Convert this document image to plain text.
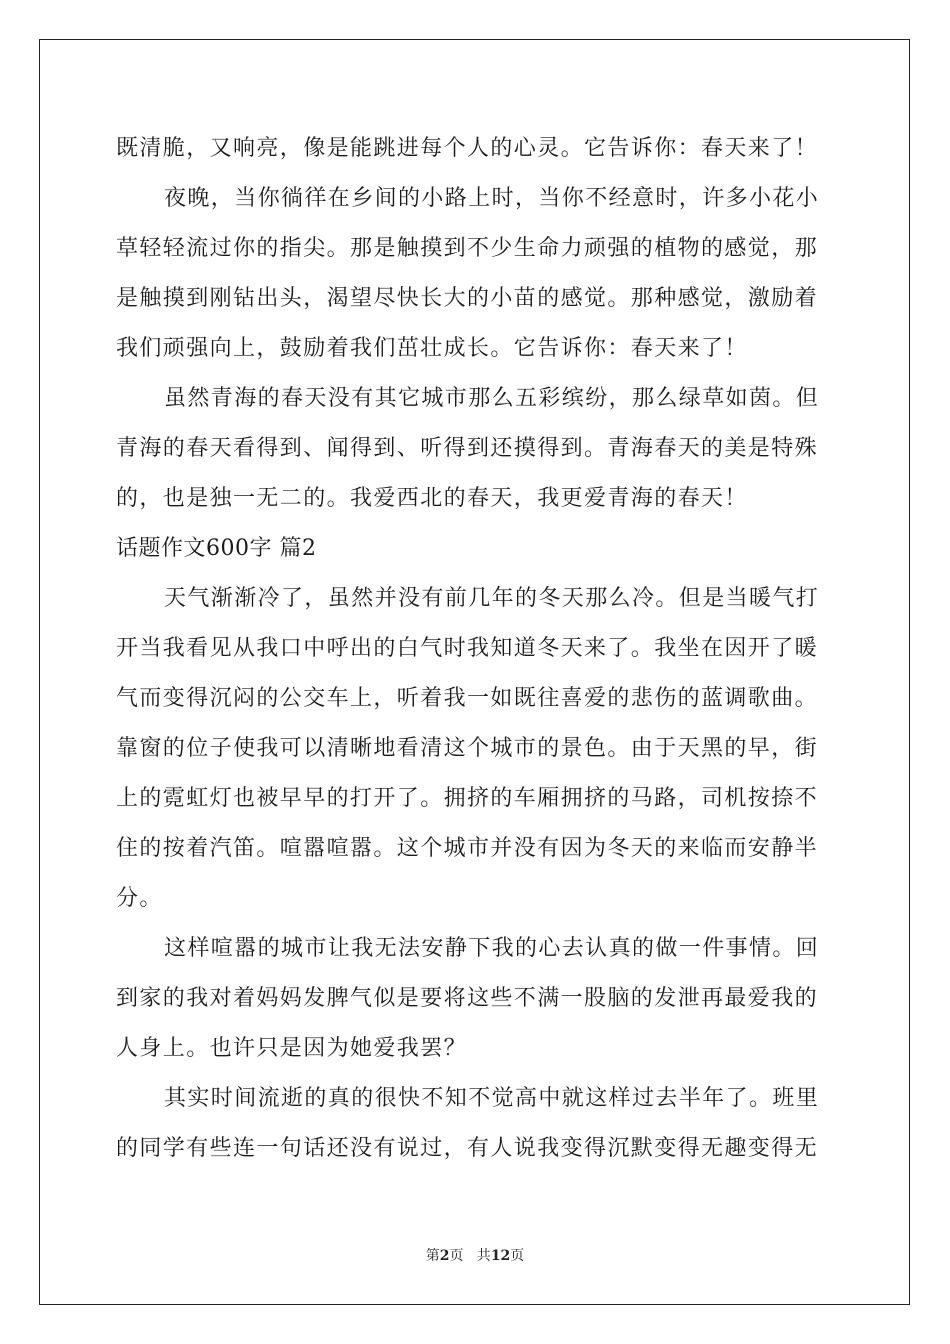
既清脆，又响亮，像是能跳进每个人的心灵。它告诉你：春天来了！
夜晚，当你徜徉在乡间的小路上时，当你不经意时，许多小花小
草轻轻流过你的指尖。那是触摸到不少生命力顽强的植物的感觉，那
是触摸到刚钻出头，渴望尽快长大的小苗的感觉。那种感觉，激励着
我们顽强向上，鼓励着我们茁壮成长。它告诉你：春天来了！
虽然青海的春天没有其它城市那么五彩缤纷，那么绿草如茵。但
青海的春天看得到、闻得到、听得到还摸得到。青海春天的美是特殊
的，也是独一无二的。我爱西北的春天，我更爱青海的春天！
话题作文600字 篇2
天气渐渐冷了，虽然并没有前几年的冬天那么冷。但是当暖气打
开当我看见从我口中呼出的白气时我知道冬天来了。我坐在因开了暖
气而变得沉闷的公交车上，听着我一如既往喜爱的悲伤的蓝调歌曲。
靠窗的位子使我可以清晰地看清这个城市的景色。由于天黑的早，街
上的霓虹灯也被早早的打开了。拥挤的车厢拥挤的马路，司机按捺不
住的按着汽笛。喧嚣喧嚣。这个城市并没有因为冬天的来临而安静半
分。
这样喧嚣的城市让我无法安静下我的心去认真的做一件事情。回
到家的我对着妈妈发脾气似是要将这些不满一股脑的发泄再最爱我的
人身上。也许只是因为她爱我罢？
其实时间流逝的真的很快不知不觉高中就这样过去半年了。班里
的同学有些连一句话还没有说过，有人说我变得沉默变得无趣变得无
第2页   共12页
